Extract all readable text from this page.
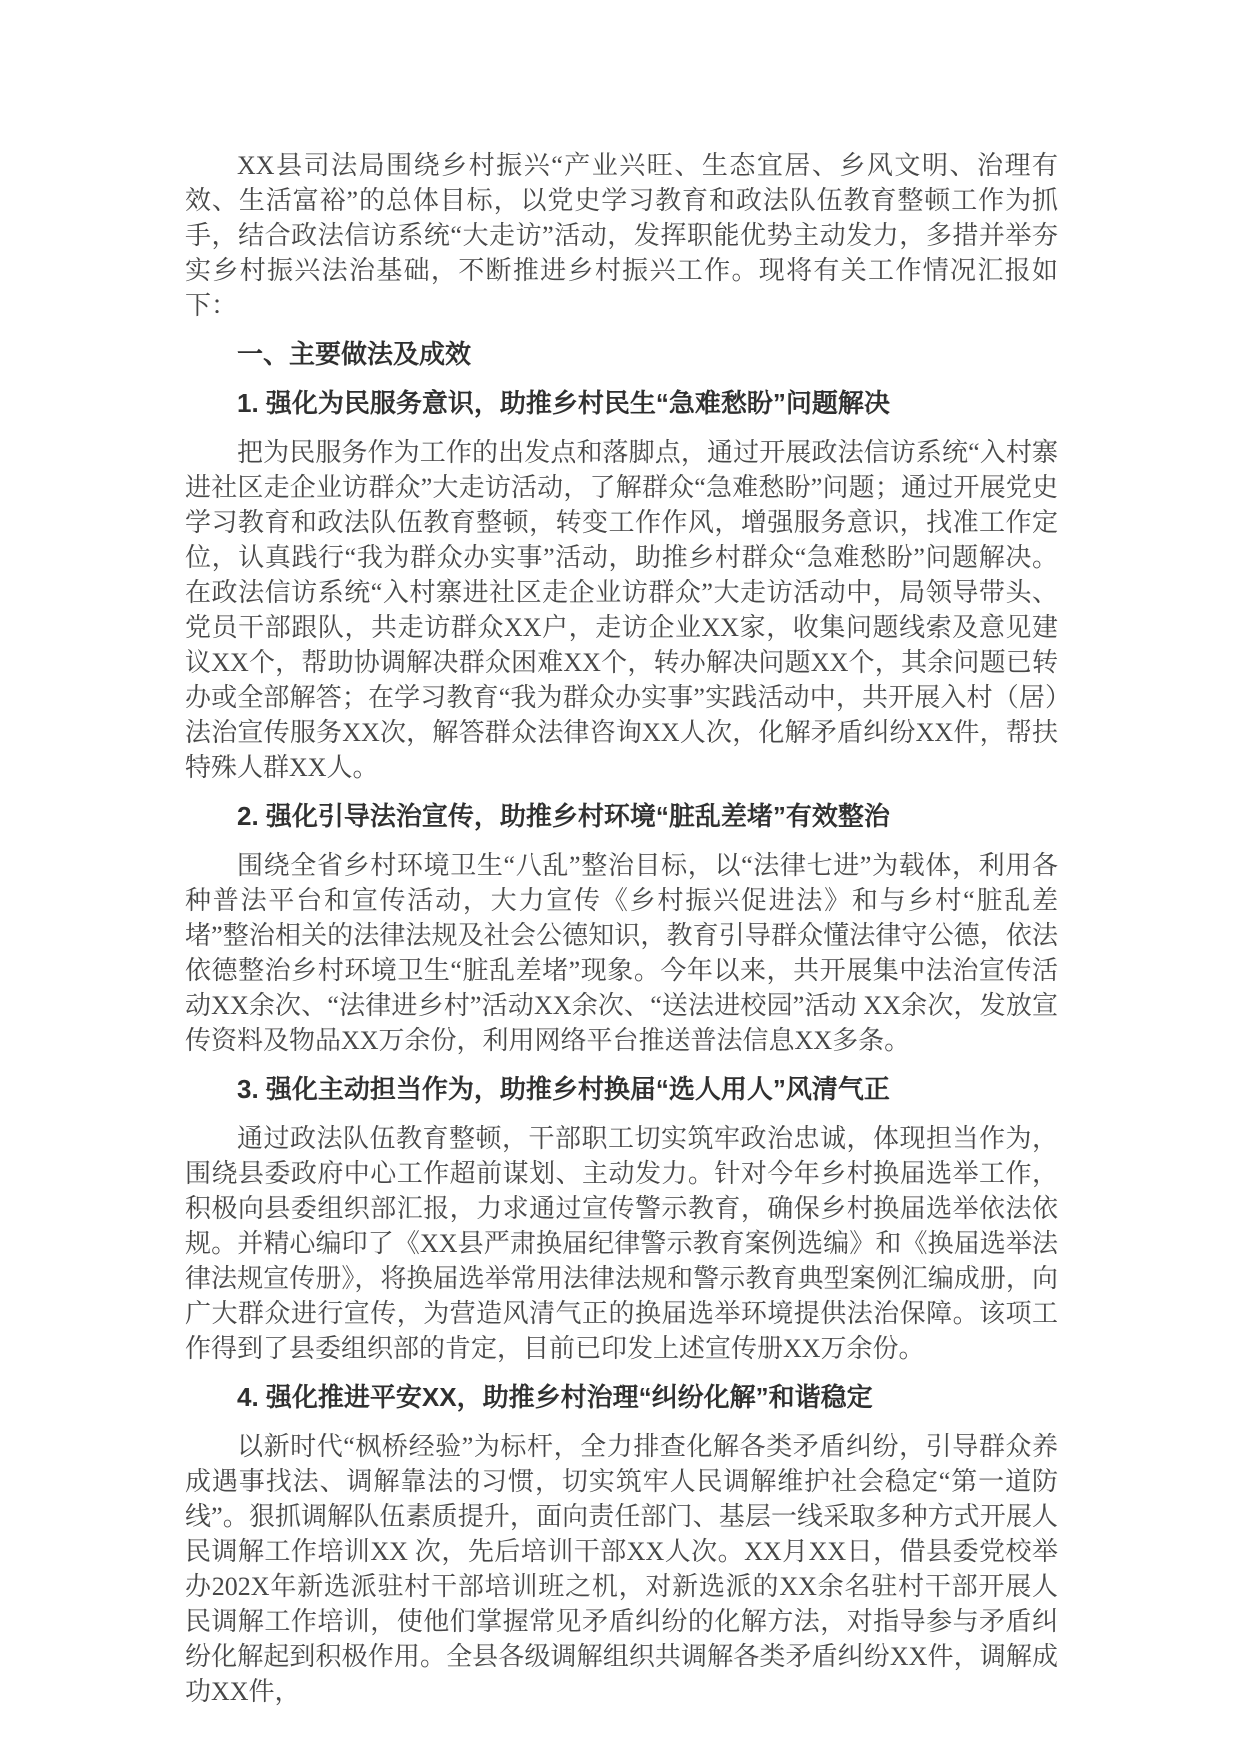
XX县司法局围绕乡村振兴“产业兴旺、生态宜居、乡风文明、治理有效、生活富裕”的总体目标，以党史学习教育和政法队伍教育整顿工作为抓手，结合政法信访系统“大走访”活动，发挥职能优势主动发力，多措并举夯实乡村振兴法治基础，不断推进乡村振兴工作。现将有关工作情况汇报如下：

一、主要做法及成效
1. 强化为民服务意识，助推乡村民生“急难愁盼”问题解决

把为民服务作为工作的出发点和落脚点，通过开展政法信访系统“入村寨进社区走企业访群众”大走访活动，了解群众“急难愁盼”问题；通过开展党史学习教育和政法队伍教育整顿，转变工作作风，增强服务意识，找准工作定位，认真践行“我为群众办实事”活动，助推乡村群众“急难愁盼”问题解决。在政法信访系统“入村寨进社区走企业访群众”大走访活动中，局领导带头、党员干部跟队，共走访群众XX户，走访企业XX家，收集问题线索及意见建议XX个，帮助协调解决群众困难XX个，转办解决问题XX个，其余问题已转办或全部解答；在学习教育“我为群众办实事”实践活动中，共开展入村（居）法治宣传服务XX次，解答群众法律咨询XX人次，化解矛盾纠纷XX件，帮扶特殊人群XX人。

2. 强化引导法治宣传，助推乡村环境“脏乱差堵”有效整治

围绕全省乡村环境卫生“八乱”整治目标，以“法律七进”为载体，利用各种普法平台和宣传活动，大力宣传《乡村振兴促进法》和与乡村“脏乱差堵”整治相关的法律法规及社会公德知识，教育引导群众懂法律守公德，依法依德整治乡村环境卫生“脏乱差堵”现象。今年以来，共开展集中法治宣传活动XX余次、“法律进乡村”活动XX余次、“送法进校园”活动 XX余次，发放宣传资料及物品XX万余份，利用网络平台推送普法信息XX多条。

3. 强化主动担当作为，助推乡村换届“选人用人”风清气正

通过政法队伍教育整顿，干部职工切实筑牢政治忠诚，体现担当作为，围绕县委政府中心工作超前谋划、主动发力。针对今年乡村换届选举工作，积极向县委组织部汇报，力求通过宣传警示教育，确保乡村换届选举依法依规。并精心编印了《XX县严肃换届纪律警示教育案例选编》和《换届选举法律法规宣传册》，将换届选举常用法律法规和警示教育典型案例汇编成册，向广大群众进行宣传，为营造风清气正的换届选举环境提供法治保障。该项工作得到了县委组织部的肯定，目前已印发上述宣传册XX万余份。

4. 强化推进平安XX，助推乡村治理“纠纷化解”和谐稳定

以新时代“枫桥经验”为标杆，全力排查化解各类矛盾纠纷，引导群众养成遇事找法、调解靠法的习惯，切实筑牢人民调解维护社会稳定“第一道防线”。狠抓调解队伍素质提升，面向责任部门、基层一线采取多种方式开展人民调解工作培训XX 次，先后培训干部XX人次。XX月XX日，借县委党校举办202X年新选派驻村干部培训班之机，对新选派的XX余名驻村干部开展人民调解工作培训，使他们掌握常见矛盾纠纷的化解方法，对指导参与矛盾纠纷化解起到积极作用。全县各级调解组织共调解各类矛盾纠纷XX件，调解成功XX件，
